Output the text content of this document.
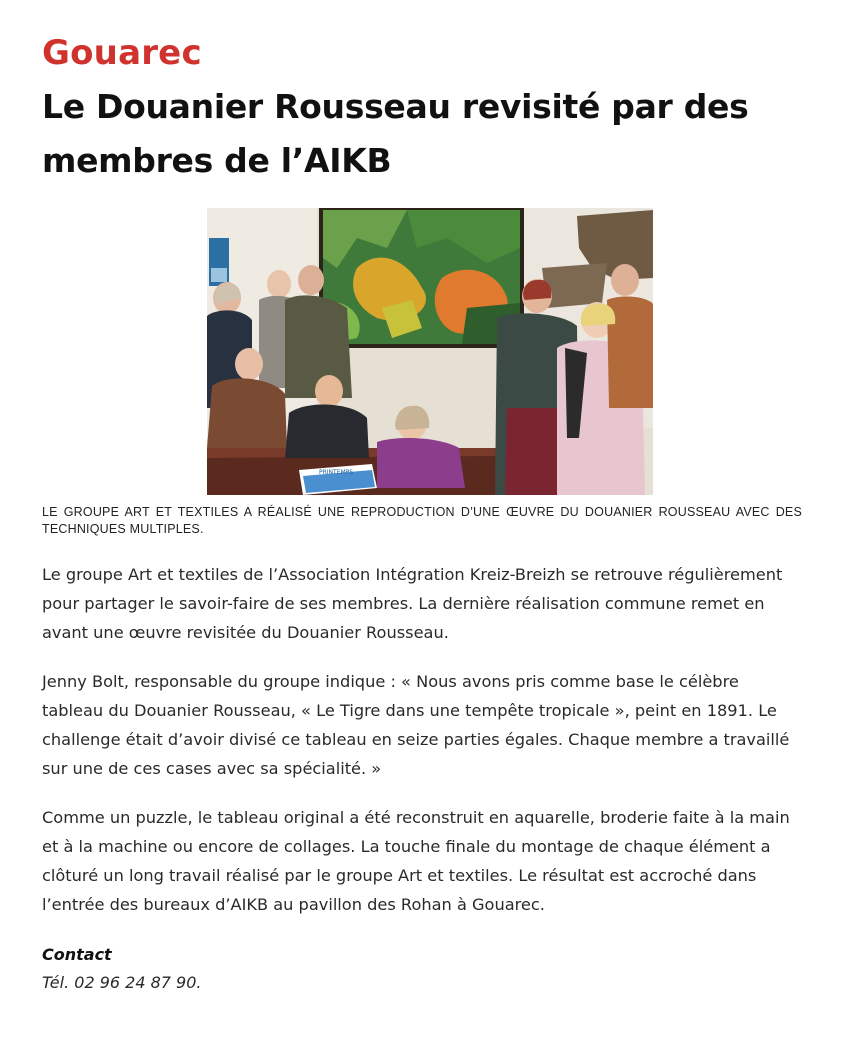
Gouarec
Le Douanier Rousseau revisité par des membres de l’AIKB
PRINTEMPS
LE GROUPE ART ET TEXTILES A RÉALISÉ UNE REPRODUCTION D’UNE ŒUVRE DU DOUANIER ROUSSEAU AVEC DES TECHNIQUES MULTIPLES.

Le groupe Art et textiles de l’Association Intégration Kreiz-Breizh se retrouve régulièrement pour partager le savoir-faire de ses membres. La dernière réalisation commune remet en avant une œuvre revisitée du Douanier Rousseau.

Jenny Bolt, responsable du groupe indique : « Nous avons pris comme base le célèbre tableau du Douanier Rousseau, « Le Tigre dans une tempête tropicale », peint en 1891. Le challenge était d’avoir divisé ce tableau en seize parties égales. Chaque membre a travaillé sur une de ces cases avec sa spécialité. »

Comme un puzzle, le tableau original a été reconstruit en aquarelle, broderie faite à la main et à la machine ou encore de collages. La touche finale du montage de chaque élément a clôturé un long travail réalisé par le groupe Art et textiles. Le résultat est accroché dans l’entrée des bureaux d’AIKB au pavillon des Rohan à Gouarec.

Contact
Tél. 02 96 24 87 90.
